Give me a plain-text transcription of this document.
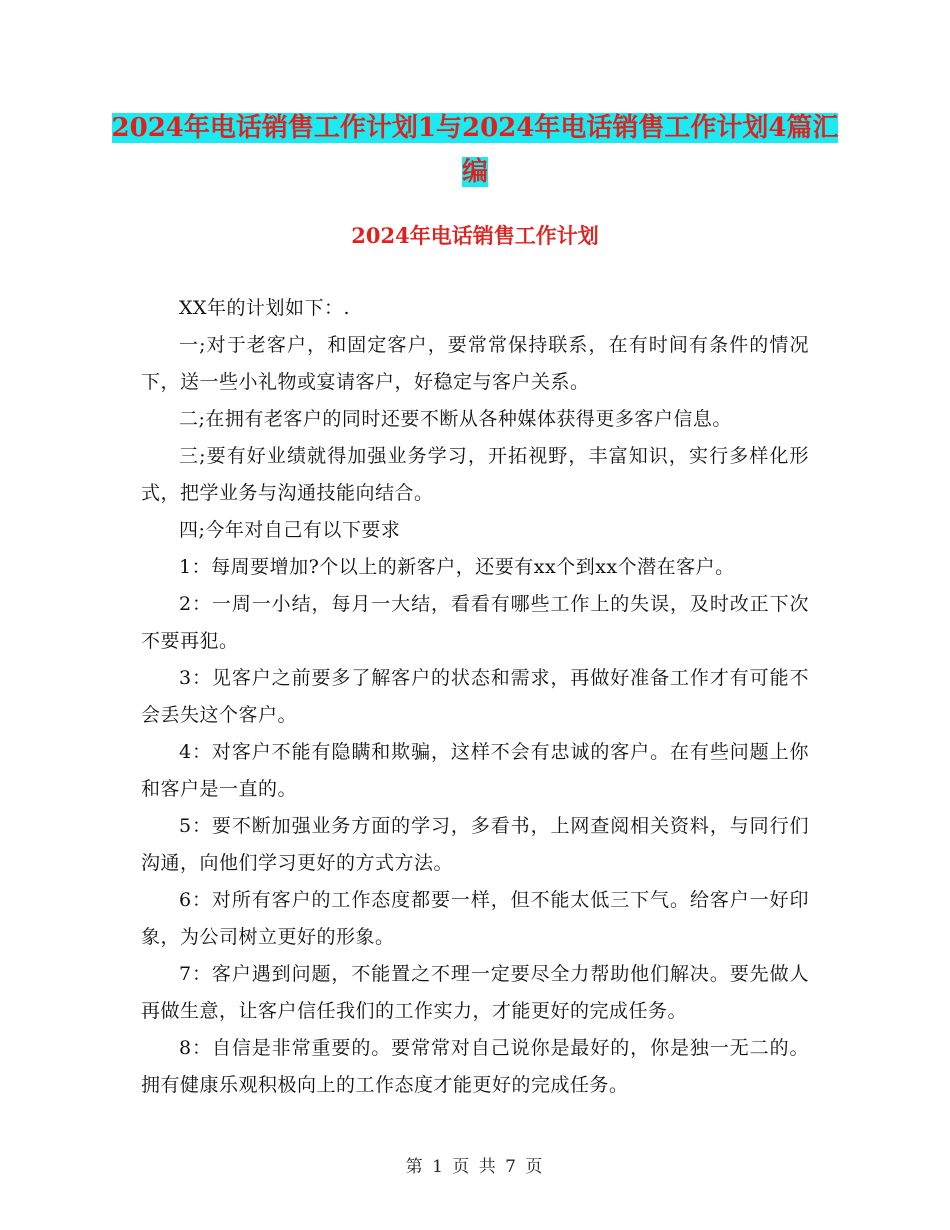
2024年电话销售工作计划1与2024年电话销售工作计划4篇汇编
2024年电话销售工作计划

XX年的计划如下：.

一;对于老客户，和固定客户，要常常保持联系，在有时间有条件的情况下，送一些小礼物或宴请客户，好稳定与客户关系。

二;在拥有老客户的同时还要不断从各种媒体获得更多客户信息。

三;要有好业绩就得加强业务学习，开拓视野，丰富知识，实行多样化形式，把学业务与沟通技能向结合。

四;今年对自己有以下要求

1：每周要增加?个以上的新客户，还要有xx个到xx个潜在客户。

2：一周一小结，每月一大结，看看有哪些工作上的失误，及时改正下次不要再犯。

3：见客户之前要多了解客户的状态和需求，再做好准备工作才有可能不会丢失这个客户。

4：对客户不能有隐瞒和欺骗，这样不会有忠诚的客户。在有些问题上你和客户是一直的。

5：要不断加强业务方面的学习，多看书，上网查阅相关资料，与同行们沟通，向他们学习更好的方式方法。

6：对所有客户的工作态度都要一样，但不能太低三下气。给客户一好印象，为公司树立更好的形象。

7：客户遇到问题，不能置之不理一定要尽全力帮助他们解决。要先做人再做生意，让客户信任我们的工作实力，才能更好的完成任务。

8：自信是非常重要的。要常常对自己说你是最好的，你是独一无二的。拥有健康乐观积极向上的工作态度才能更好的完成任务。

第 1 页 共 7 页
